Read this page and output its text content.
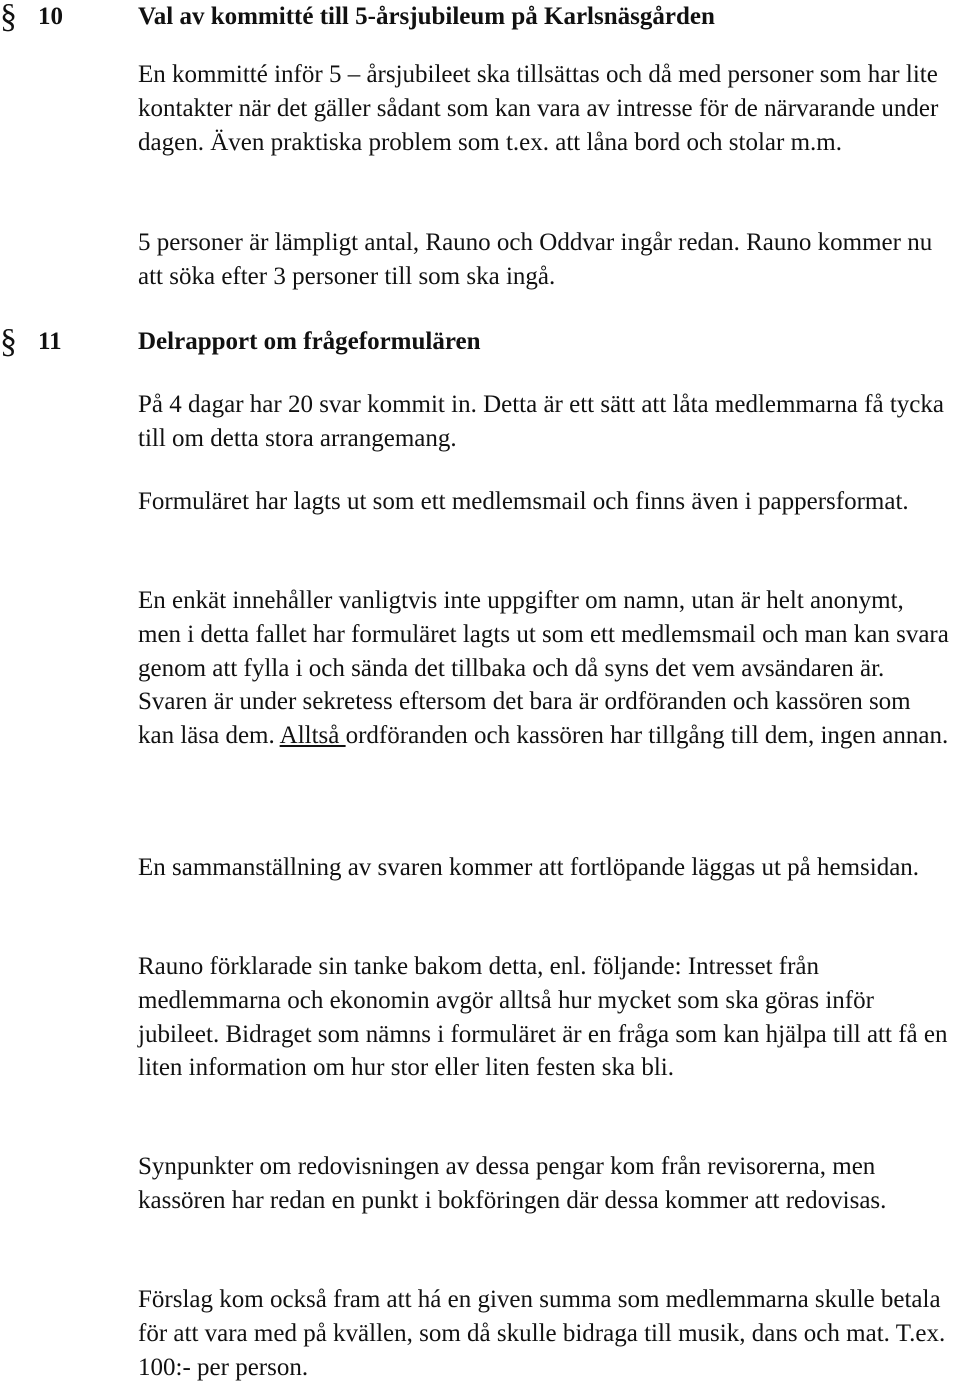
§ 10	Val av kommitté till 5-årsjubileum på Karlsnäsgården

En kommitté inför 5 – årsjubileet ska tillsättas och då med personer som har lite kontakter när det gäller sådant som kan vara av intresse för de närvarande under dagen. Även praktiska problem som t.ex. att låna bord och stolar m.m.

5 personer är lämpligt antal, Rauno och Oddvar ingår redan. Rauno kommer nu att söka efter 3 personer till som ska ingå.

§ 11	Delrapport om frågeformulären

På 4 dagar har 20 svar kommit in. Detta är ett sätt att låta medlemmarna få tycka till om detta stora arrangemang.

Formuläret har lagts ut som ett medlemsmail och finns även i pappersformat.

En enkät innehåller vanligtvis inte uppgifter om namn, utan är helt anonymt, men i detta fallet har formuläret lagts ut som ett medlemsmail och man kan svara genom att fylla i och sända det tillbaka och då syns det vem avsändaren är. Svaren är under sekretess eftersom det bara är ordföranden och kassören som kan läsa dem. Alltså ordföranden och kassören har tillgång till dem, ingen annan.

En sammanställning av svaren kommer att fortlöpande läggas ut på hemsidan.

Rauno förklarade sin tanke bakom detta, enl. följande: Intresset från medlemmarna och ekonomin avgör alltså hur mycket som ska göras inför jubileet. Bidraget som nämns i formuläret är en fråga som kan hjälpa till att få en liten information om hur stor eller liten festen ska bli.

Synpunkter om redovisningen av dessa pengar kom från revisorerna, men kassören har redan en punkt i bokföringen där dessa kommer att redovisas.

Förslag kom också fram att há en given summa som medlemmarna skulle betala för att vara med på kvällen, som då skulle bidraga till musik, dans och mat. T.ex. 100:- per person.
